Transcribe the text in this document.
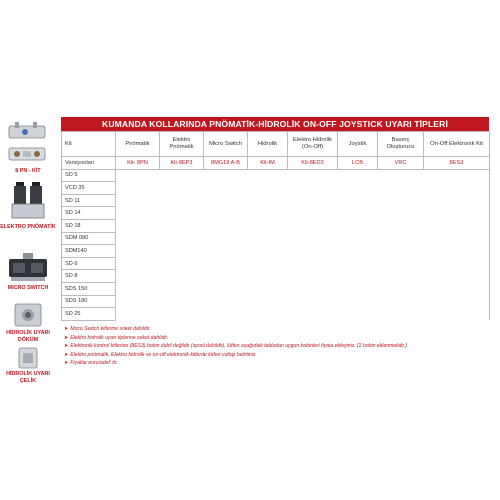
8 PN - KİT
ELEKTRO PNÖMATİK
MICRO SWITCH
HİDROLİK UYARI DÖKÜM
HİDROLİK UYARI ÇELİK
KUMANDA KOLLARINDA PNÖMATİK-HİDROLİK ON-OFF JOYSTICK UYARI TİPLERİ
Kit	Pnömatik	Elektro Pnömatik	Micro Switch	Hidrolik	Elektro Hidrolik (On-Off)	Joystik	Basınç Oluşturucu	On-Off Elektronik Kit
Versiyonları	Kit- 8PN	Kit-8EP3	8MG19 A-B	Kit-IM	Kit-8ED3	LCB	VRC	8ES3
SD 5								
VCD 35								
SD 11								
SD 14								
SD 18								
SDM 080								
SDM140								
SD 6								
SD 8								
SDS 150								
SDS 180								
SD 25								
➤ Micro Switch kitlerine soket dahildir.
➤ Elektro hidrolik uyarı tiplerine soket dahildir.
➤ Elektronik kontrol kitlerine (8ES3) bobin dahil değildir (spool dahildir), lütfen aşağıdaki tablodan uygun bobinleri fiyata ekleyiniz. (2 bobin eklenmelidir.)
➤ Elektro pnömatik, Elektro hidrolik ve on-off elektronik kitlerde lütfen voltajı belirtiniz.
➤ Fiyatlar euro/adet' tir.
